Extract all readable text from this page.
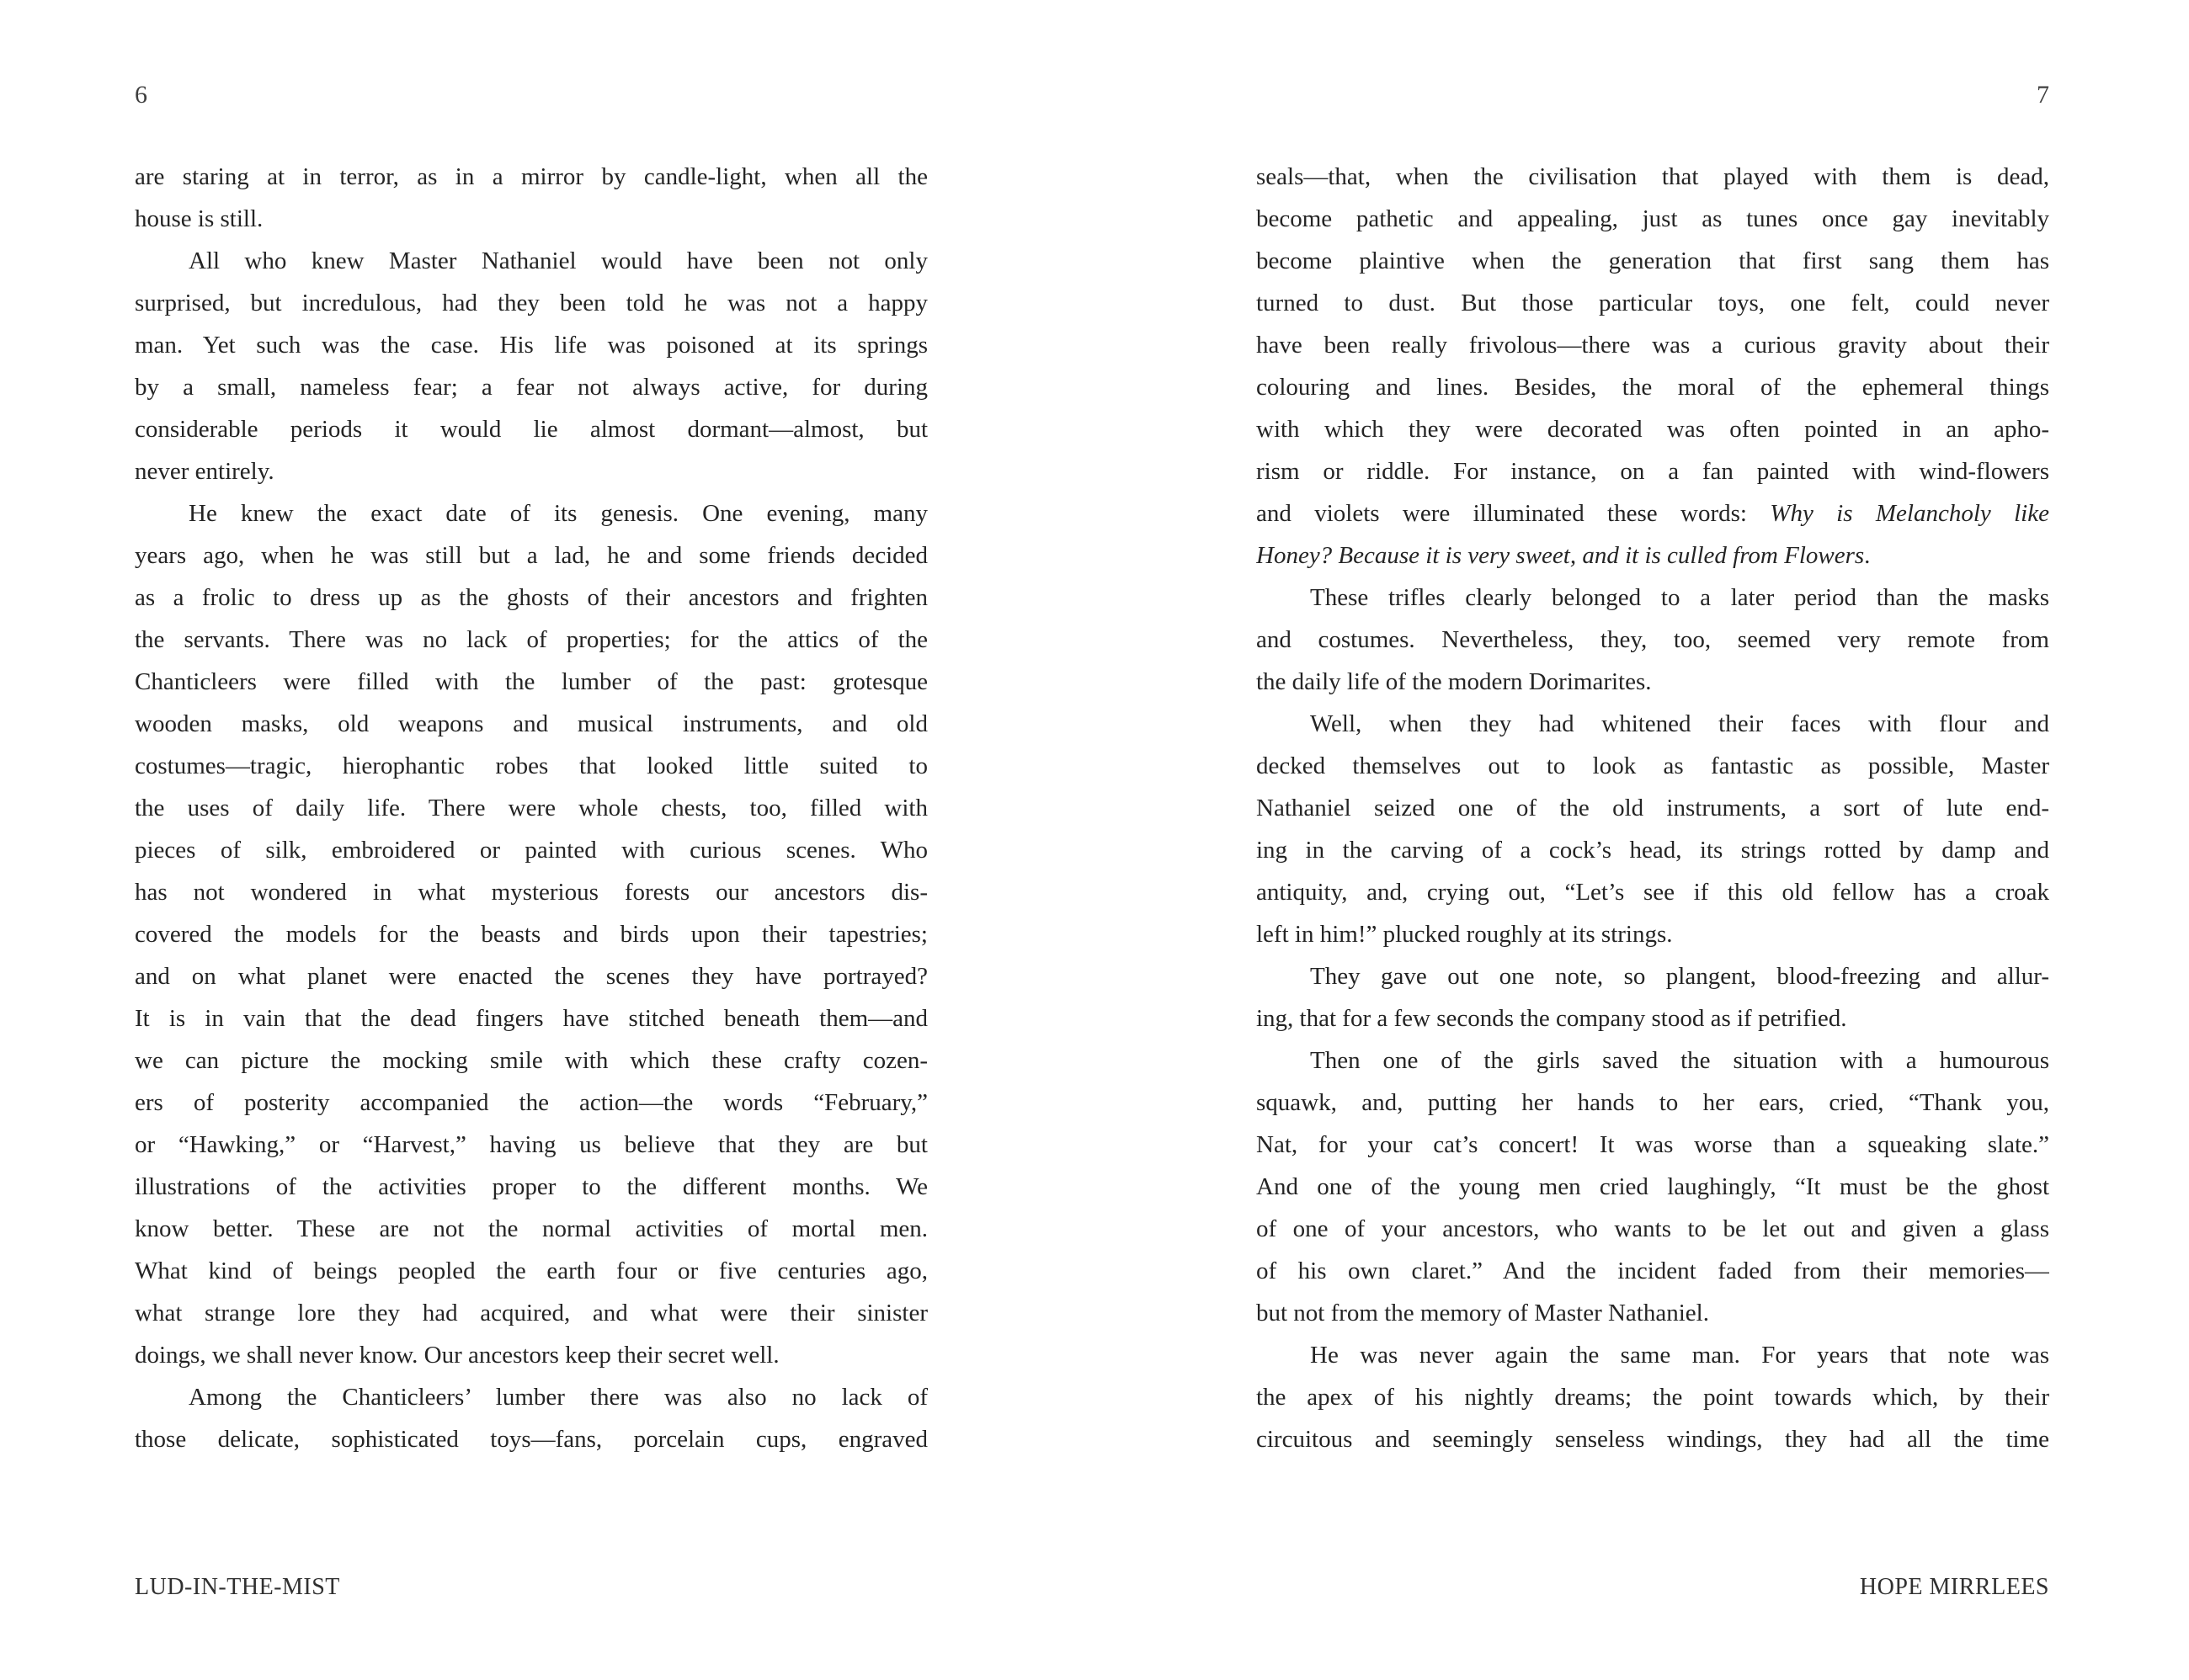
6
are staring at in terror, as in a mirror by candle-light, when all the
house is still.
All who knew Master Nathaniel would have been not only
surprised, but incredulous, had they been told he was not a happy
man. Yet such was the case. His life was poisoned at its springs
by a small, nameless fear; a fear not always active, for during
considerable periods it would lie almost dormant—almost, but
never entirely.
He knew the exact date of its genesis. One evening, many
years ago, when he was still but a lad, he and some friends decided
as a frolic to dress up as the ghosts of their ancestors and frighten
the servants. There was no lack of properties; for the attics of the
Chanticleers were filled with the lumber of the past: grotesque
wooden masks, old weapons and musical instruments, and old
costumes—tragic, hierophantic robes that looked little suited to
the uses of daily life. There were whole chests, too, filled with
pieces of silk, embroidered or painted with curious scenes. Who
has not wondered in what mysterious forests our ancestors dis-
covered the models for the beasts and birds upon their tapestries;
and on what planet were enacted the scenes they have portrayed?
It is in vain that the dead fingers have stitched beneath them—and
we can picture the mocking smile with which these crafty cozen-
ers of posterity accompanied the action—the words “February,”
or “Hawking,” or “Harvest,” having us believe that they are but
illustrations of the activities proper to the different months. We
know better. These are not the normal activities of mortal men.
What kind of beings peopled the earth four or five centuries ago,
what strange lore they had acquired, and what were their sinister
doings, we shall never know. Our ancestors keep their secret well.
Among the Chanticleers’ lumber there was also no lack of
those delicate, sophisticated toys—fans, porcelain cups, engraved
LUD-IN-THE-MIST
7
seals—that, when the civilisation that played with them is dead,
become pathetic and appealing, just as tunes once gay inevitably
become plaintive when the generation that first sang them has
turned to dust. But those particular toys, one felt, could never
have been really frivolous—there was a curious gravity about their
colouring and lines. Besides, the moral of the ephemeral things
with which they were decorated was often pointed in an apho-
rism or riddle. For instance, on a fan painted with wind-flowers
and violets were illuminated these words: Why is Melancholy like
Honey? Because it is very sweet, and it is culled from Flowers.
These trifles clearly belonged to a later period than the masks
and costumes. Nevertheless, they, too, seemed very remote from
the daily life of the modern Dorimarites.
Well, when they had whitened their faces with flour and
decked themselves out to look as fantastic as possible, Master
Nathaniel seized one of the old instruments, a sort of lute end-
ing in the carving of a cock’s head, its strings rotted by damp and
antiquity, and, crying out, “Let’s see if this old fellow has a croak
left in him!” plucked roughly at its strings.
They gave out one note, so plangent, blood-freezing and allur-
ing, that for a few seconds the company stood as if petrified.
Then one of the girls saved the situation with a humourous
squawk, and, putting her hands to her ears, cried, “Thank you,
Nat, for your cat’s concert! It was worse than a squeaking slate.”
And one of the young men cried laughingly, “It must be the ghost
of one of your ancestors, who wants to be let out and given a glass
of his own claret.” And the incident faded from their memories—
but not from the memory of Master Nathaniel.
He was never again the same man. For years that note was
the apex of his nightly dreams; the point towards which, by their
circuitous and seemingly senseless windings, they had all the time
HOPE MIRRLEES
